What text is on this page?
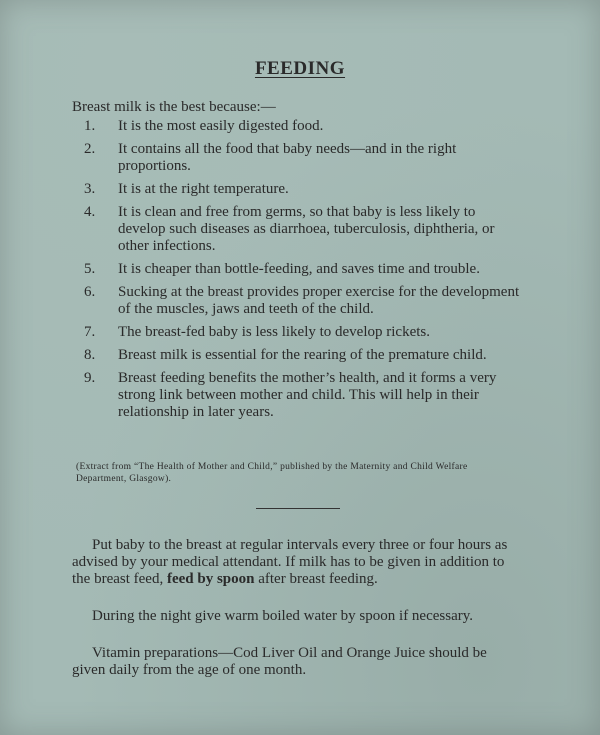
FEEDING
Breast milk is the best because:—
1.	It is the most easily digested food.
2.	It contains all the food that baby needs—and in the right proportions.
3.	It is at the right temperature.
4.	It is clean and free from germs, so that baby is less likely to develop such diseases as diarrhoea, tuberculosis, diphtheria, or other infections.
5.	It is cheaper than bottle-feeding, and saves time and trouble.
6.	Sucking at the breast provides proper exercise for the development of the muscles, jaws and teeth of the child.
7.	The breast-fed baby is less likely to develop rickets.
8.	Breast milk is essential for the rearing of the premature child.
9.	Breast feeding benefits the mother’s health, and it forms a very strong link between mother and child. This will help in their relationship in later years.
(Extract from “The Health of Mother and Child,” published by the Maternity and Child Welfare Department, Glasgow).

Put baby to the breast at regular intervals every three or four hours as advised by your medical attendant. If milk has to be given in addition to the breast feed, feed by spoon after breast feeding.

During the night give warm boiled water by spoon if necessary.

Vitamin preparations—Cod Liver Oil and Orange Juice should be given daily from the age of one month.
